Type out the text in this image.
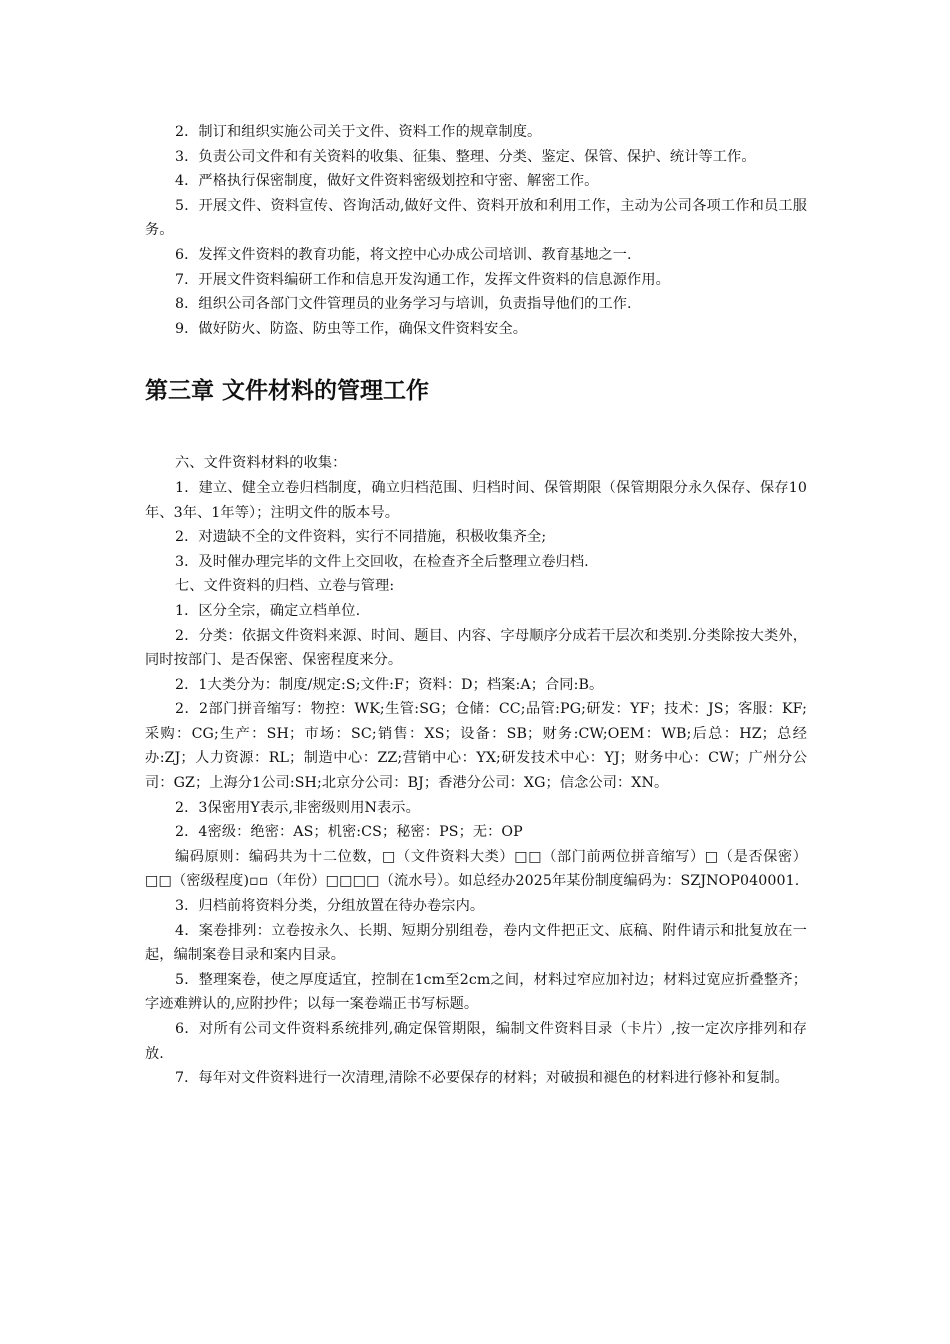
2．制订和组织实施公司关于文件、资料工作的规章制度。

3．负责公司文件和有关资料的收集、征集、整理、分类、鉴定、保管、保护、统计等工作。

4．严格执行保密制度，做好文件资料密级划控和守密、解密工作。

5．开展文件、资料宣传、咨询活动,做好文件、资料开放和利用工作，主动为公司各项工作和员工服务。

6．发挥文件资料的教育功能，将文控中心办成公司培训、教育基地之一.

7．开展文件资料编研工作和信息开发沟通工作，发挥文件资料的信息源作用。

8．组织公司各部门文件管理员的业务学习与培训，负责指导他们的工作.

9．做好防火、防盗、防虫等工作，确保文件资料安全。

第三章 文件材料的管理工作

六、文件资料材料的收集：

1．建立、健全立卷归档制度，确立归档范围、归档时间、保管期限（保管期限分永久保存、保存10年、3年、1年等）；注明文件的版本号。

2．对遗缺不全的文件资料，实行不同措施，积极收集齐全;

3．及时催办理完毕的文件上交回收，在检查齐全后整理立卷归档.

七、文件资料的归档、立卷与管理:

1．区分全宗，确定立档单位.

2．分类：依据文件资料来源、时间、题目、内容、字母顺序分成若干层次和类别.分类除按大类外，同时按部门、是否保密、保密程度来分。

2．1大类分为：制度/规定:S;文件:F；资料：D；档案:A；合同:B。

2．2部门拼音缩写：物控：WK;生管:SG；仓储：CC;品管:PG;研发：YF；技术：JS；客服：KF;采购：CG;生产：SH；市场：SC;销售：XS；设备：SB；财务:CW;OEM：WB;后总：HZ；总经办:ZJ；人力资源：RL；制造中心：ZZ;营销中心：YX;研发技术中心：YJ；财务中心：CW；广州分公司：GZ；上海分1公司:SH;北京分公司：BJ；香港分公司：XG；信念公司：XN。

2．3保密用Y表示,非密级则用N表示。

2．4密级：绝密：AS；机密:CS；秘密：PS；无：OP

编码原则：编码共为十二位数，□（文件资料大类）□□（部门前两位拼音缩写）□（是否保密）□□（密级程度)▫▫（年份）□□□□（流水号）。如总经办2025年某份制度编码为：SZJNOP040001.

3．归档前将资料分类，分组放置在待办卷宗内。

4．案卷排列：立卷按永久、长期、短期分别组卷，卷内文件把正文、底稿、附件请示和批复放在一起，编制案卷目录和案内目录。

5．整理案卷，使之厚度适宜，控制在1cm至2cm之间，材料过窄应加衬边；材料过宽应折叠整齐；字迹难辨认的,应附抄件；以每一案卷端正书写标题。

6．对所有公司文件资料系统排列,确定保管期限，编制文件资料目录（卡片）,按一定次序排列和存放.

7．每年对文件资料进行一次清理,清除不必要保存的材料；对破损和褪色的材料进行修补和复制。
